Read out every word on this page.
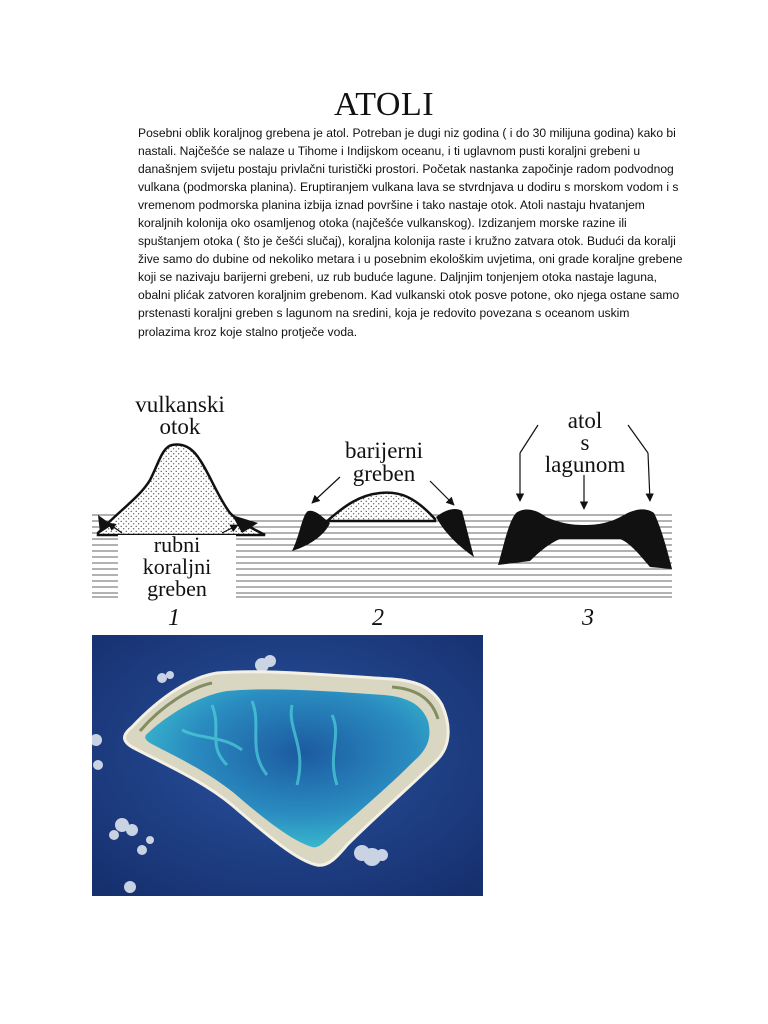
ATOLI

Posebni oblik koraljnog grebena je atol. Potreban je dugi niz godina ( i do 30 milijuna godina) kako bi nastali. Najčešće se nalaze u Tihome i Indijskom oceanu, i ti uglavnom pusti koraljni grebeni u današnjem svijetu postaju privlačni turistički prostori. Početak nastanka započinje radom podvodnog vulkana (podmorska planina). Eruptiranjem vulkana lava se stvrdnjava u dodiru s morskom vodom i s vremenom podmorska planina izbija iznad površine i tako nastaje otok. Atoli nastaju hvatanjem koraljnih kolonija oko osamljenog otoka (najčešće vulkanskog). Izdizanjem morske razine ili spuštanjem otoka ( što je češći slučaj), koraljna kolonija raste i kružno zatvara otok. Budući da koralji žive samo do dubine od nekoliko metara i u posebnim ekološkim uvjetima, oni grade koraljne grebene koji se nazivaju barijerni grebeni, uz rub buduće lagune. Daljnjim tonjenjem otoka nastaje laguna, obalni plićak zatvoren koraljnim grebenom. Kad vulkanski otok posve potone, oko njega ostane samo prstenasti koraljni greben s lagunom na sredini, koja je redovito povezana s oceanom uskim prolazima kroz koje stalno protječe voda.

vulkanski
otok
rubni
koraljni
greben
1
barijerni
greben
2
atol
s
lagunom
3
